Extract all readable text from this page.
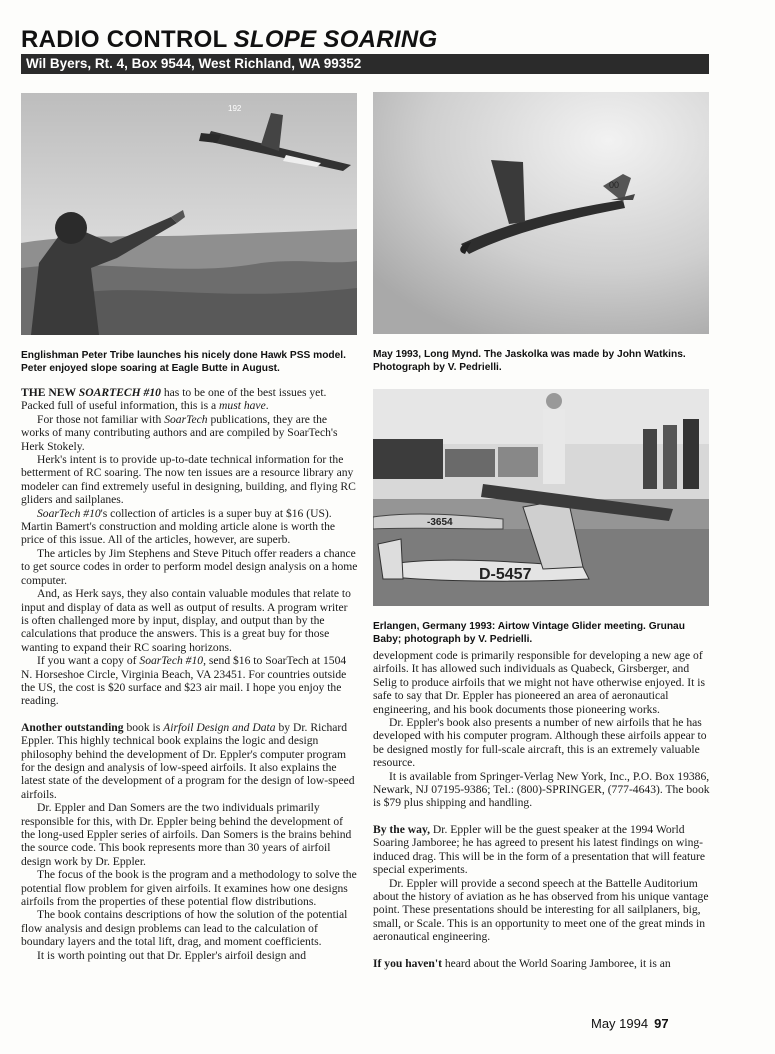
RADIO CONTROL SLOPE SOARING
Wil Byers, Rt. 4, Box 9544, West Richland, WA 99352
192
00
Englishman Peter Tribe launches his nicely done Hawk PSS model. Peter enjoyed slope soaring at Eagle Butte in August.
May 1993, Long Mynd. The Jaskolka was made by John Watkins. Photograph by V. Pedrielli.
D-5457
-3654
Erlangen, Germany 1993: Airtow Vintage Glider meeting. Grunau Baby; photograph by V. Pedrielli.

THE NEW SOARTECH #10 has to be one of the best issues yet. Packed full of useful information, this is a must have.

For those not familiar with SoarTech publications, they are the works of many contributing authors and are compiled by SoarTech's Herk Stokely.

Herk's intent is to provide up-to-date technical information for the betterment of RC soaring. The now ten issues are a resource library any modeler can find extremely useful in designing, building, and flying RC gliders and sailplanes.

SoarTech #10's collection of articles is a super buy at $16 (US). Martin Bamert's construction and molding article alone is worth the price of this issue. All of the articles, however, are superb.

The articles by Jim Stephens and Steve Pituch offer readers a chance to get source codes in order to perform model design analysis on a home computer.

And, as Herk says, they also contain valuable modules that relate to input and display of data as well as output of results. A program writer is often challenged more by input, display, and output than by the calculations that produce the answers. This is a great buy for those wanting to expand their RC soaring horizons.

If you want a copy of SoarTech #10, send $16 to SoarTech at 1504 N. Horseshoe Circle, Virginia Beach, VA 23451. For countries outside the US, the cost is $20 surface and $23 air mail. I hope you enjoy the reading.

Another outstanding book is Airfoil Design and Data by Dr. Richard Eppler. This highly technical book explains the logic and design philosophy behind the development of Dr. Eppler's computer program for the design and analysis of low-speed airfoils. It also explains the latest state of the development of a program for the design of low-speed airfoils.

Dr. Eppler and Dan Somers are the two individuals primarily responsible for this, with Dr. Eppler being behind the development of the long-used Eppler series of airfoils. Dan Somers is the brains behind the source code. This book represents more than 30 years of airfoil design work by Dr. Eppler.

The focus of the book is the program and a methodology to solve the potential flow problem for given airfoils. It examines how one designs airfoils from the properties of these potential flow distributions.

The book contains descriptions of how the solution of the potential flow analysis and design problems can lead to the calculation of boundary layers and the total lift, drag, and moment coefficients.

It is worth pointing out that Dr. Eppler's airfoil design and

development code is primarily responsible for developing a new age of airfoils. It has allowed such individuals as Quabeck, Girsberger, and Selig to produce airfoils that we might not have otherwise enjoyed. It is safe to say that Dr. Eppler has pioneered an area of aeronautical engineering, and his book documents those pioneering works.

Dr. Eppler's book also presents a number of new airfoils that he has developed with his computer program. Although these airfoils appear to be designed mostly for full-scale aircraft, this is an extremely valuable resource.

It is available from Springer-Verlag New York, Inc., P.O. Box 19386, Newark, NJ 07195-9386; Tel.: (800)-SPRINGER, (777-4643). The book is $79 plus shipping and handling.

By the way, Dr. Eppler will be the guest speaker at the 1994 World Soaring Jamboree; he has agreed to present his latest findings on wing-induced drag. This will be in the form of a presentation that will feature special experiments.

Dr. Eppler will provide a second speech at the Battelle Auditorium about the history of aviation as he has observed from his unique vantage point. These presentations should be interesting for all sailplaners, big, small, or Scale. This is an opportunity to meet one of the great minds in aeronautical engineering.

If you haven't heard about the World Soaring Jamboree, it is an

May 1994 97
